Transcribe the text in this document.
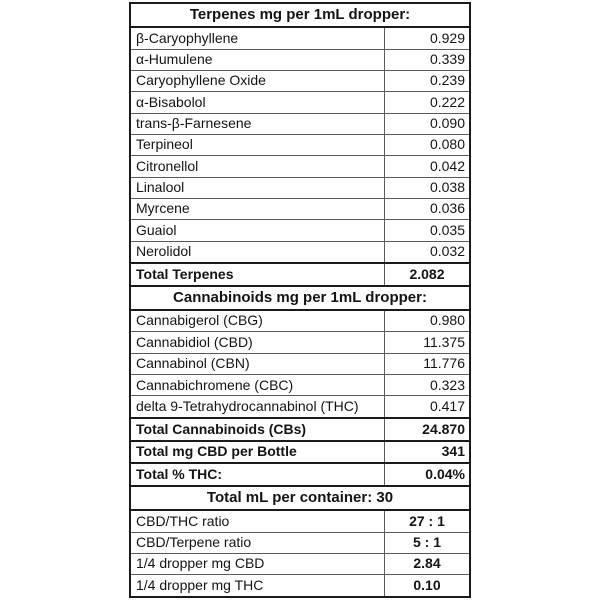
Terpenes mg per 1mL dropper:	
β-Caryophyllene	0.929
α-Humulene	0.339
Caryophyllene Oxide	0.239
α-Bisabolol	0.222
trans-β-Farnesene	0.090
Terpineol	0.080
Citronellol	0.042
Linalool	0.038
Myrcene	0.036
Guaiol	0.035
Nerolidol	0.032
Total Terpenes	2.082
Cannabinoids mg per 1mL dropper:	
Cannabigerol (CBG)	0.980
Cannabidiol (CBD)	11.375
Cannabinol (CBN)	11.776
Cannabichromene (CBC)	0.323
delta 9-Tetrahydrocannabinol (THC)	0.417
Total Cannabinoids (CBs)	24.870
Total mg CBD per Bottle	341
Total % THC:	0.04%
Total mL per container: 30	
CBD/THC ratio	27 : 1
CBD/Terpene ratio	5 : 1
1/4 dropper mg CBD	2.84
1/4 dropper mg THC	0.10
